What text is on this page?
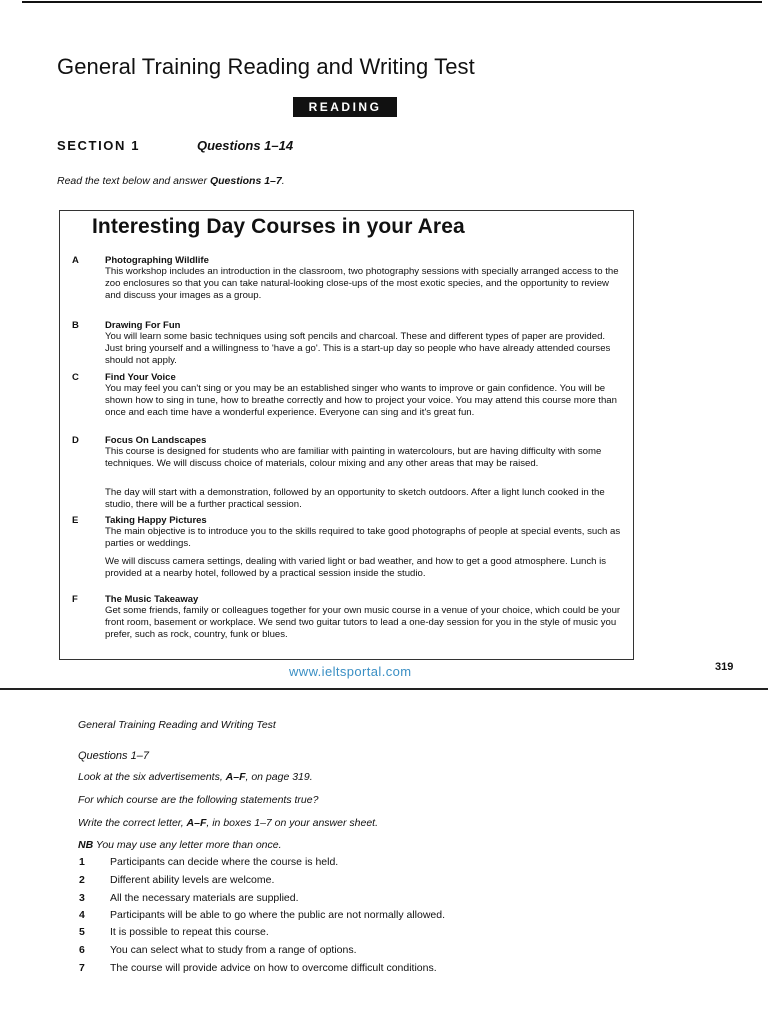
General Training Reading and Writing Test
READING
SECTION 1	Questions 1–14
Read the text below and answer Questions 1–7.
Interesting Day Courses in your Area
A	Photographing Wildlife
This workshop includes an introduction in the classroom, two photography sessions with specially arranged access to the zoo enclosures so that you can take natural-looking close-ups of the most exotic species, and the opportunity to review and discuss your images as a group.
B	Drawing For Fun
You will learn some basic techniques using soft pencils and charcoal. These and different types of paper are provided. Just bring yourself and a willingness to 'have a go'. This is a start-up day so people who have already attended courses should not apply.
C	Find Your Voice
You may feel you can't sing or you may be an established singer who wants to improve or gain confidence. You will be shown how to sing in tune, how to breathe correctly and how to project your voice. You may attend this course more than once and each time have a wonderful experience. Everyone can sing and it's great fun.
D	Focus On Landscapes
This course is designed for students who are familiar with painting in watercolours, but are having difficulty with some techniques. We will discuss choice of materials, colour mixing and any other areas that may be raised.
The day will start with a demonstration, followed by an opportunity to sketch outdoors. After a light lunch cooked in the studio, there will be a further practical session.
E	Taking Happy Pictures
The main objective is to introduce you to the skills required to take good photographs of people at special events, such as parties or weddings.
We will discuss camera settings, dealing with varied light or bad weather, and how to get a good atmosphere. Lunch is provided at a nearby hotel, followed by a practical session inside the studio.
F	The Music Takeaway
Get some friends, family or colleagues together for your own music course in a venue of your choice, which could be your front room, basement or workplace. We send two guitar tutors to lead a one-day session for you in the style of music you prefer, such as rock, country, funk or blues.
www.ieltsportal.com	319
General Training Reading and Writing Test
Questions 1–7
Look at the six advertisements, A–F, on page 319.
For which course are the following statements true?
Write the correct letter, A–F, in boxes 1–7 on your answer sheet.
NB You may use any letter more than once.
1 Participants can decide where the course is held.
2 Different ability levels are welcome.
3 All the necessary materials are supplied.
4 Participants will be able to go where the public are not normally allowed.
5 It is possible to repeat this course.
6 You can select what to study from a range of options.
7 The course will provide advice on how to overcome difficult conditions.
